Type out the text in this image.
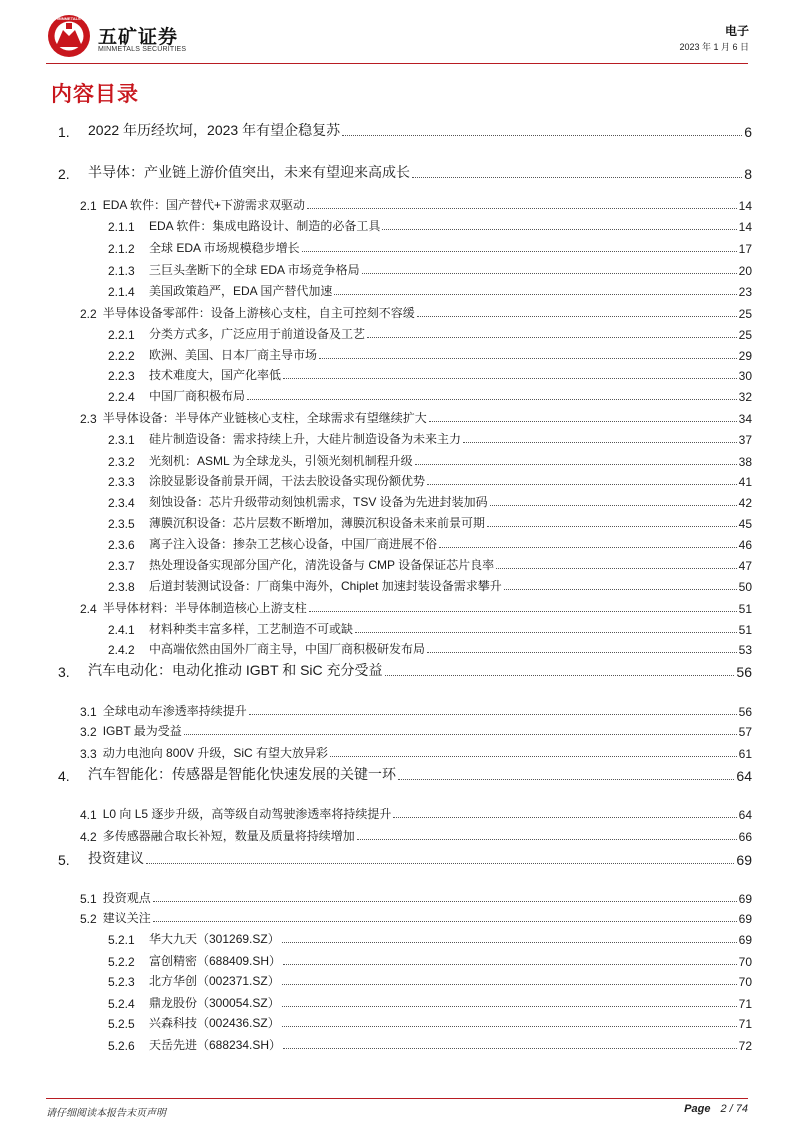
MINMETALS
五矿证券
MINMETALS SECURITIES
电子
2023 年 1 月 6 日
内容目录
1.	2022 年历经坎坷，2023 年有望企稳复苏	6
2.	半导体：产业链上游价值突出，未来有望迎来高成长	8
2.1 EDA 软件：国产替代+下游需求双驱动	14
2.1.1	EDA 软件：集成电路设计、制造的必备工具	14
2.1.2	全球 EDA 市场规模稳步增长	17
2.1.3	三巨头垄断下的全球 EDA 市场竞争格局	20
2.1.4	美国政策趋严，EDA 国产替代加速	23
2.2 半导体设备零部件：设备上游核心支柱，自主可控刻不容缓	25
2.2.1	分类方式多，广泛应用于前道设备及工艺	25
2.2.2	欧洲、美国、日本厂商主导市场	29
2.2.3	技术难度大，国产化率低	30
2.2.4	中国厂商积极布局	32
2.3 半导体设备：半导体产业链核心支柱，全球需求有望继续扩大	34
2.3.1	硅片制造设备：需求持续上升，大硅片制造设备为未来主力	37
2.3.2	光刻机：ASML 为全球龙头，引领光刻机制程升级	38
2.3.3	涂胶显影设备前景开阔，干法去胶设备实现份额优势	41
2.3.4	刻蚀设备：芯片升级带动刻蚀机需求，TSV 设备为先进封装加码	42
2.3.5	薄膜沉积设备：芯片层数不断增加，薄膜沉积设备未来前景可期	45
2.3.6	离子注入设备：掺杂工艺核心设备，中国厂商进展不俗	46
2.3.7	热处理设备实现部分国产化，清洗设备与 CMP 设备保证芯片良率	47
2.3.8	后道封装测试设备：厂商集中海外，Chiplet 加速封装设备需求攀升	50
2.4 半导体材料：半导体制造核心上游支柱	51
2.4.1	材料种类丰富多样，工艺制造不可或缺	51
2.4.2	中高端依然由国外厂商主导，中国厂商积极研发布局	53
3.	汽车电动化：电动化推动 IGBT 和 SiC 充分受益	56
3.1 全球电动车渗透率持续提升	56
3.2 IGBT 最为受益	57
3.3 动力电池向 800V 升级，SiC 有望大放异彩	61
4.	汽车智能化：传感器是智能化快速发展的关键一环	64
4.1 L0 向 L5 逐步升级，高等级自动驾驶渗透率将持续提升	64
4.2 多传感器融合取长补短，数量及质量将持续增加	66
5.	投资建议	69
5.1 投资观点	69
5.2 建议关注	69
5.2.1	华大九天（301269.SZ）	69
5.2.2	富创精密（688409.SH）	70
5.2.3	北方华创（002371.SZ）	70
5.2.4	鼎龙股份（300054.SZ）	71
5.2.5	兴森科技（002436.SZ）	71
5.2.6	天岳先进（688234.SH）	72
请仔细阅读本报告末页声明	Page 2 / 74
